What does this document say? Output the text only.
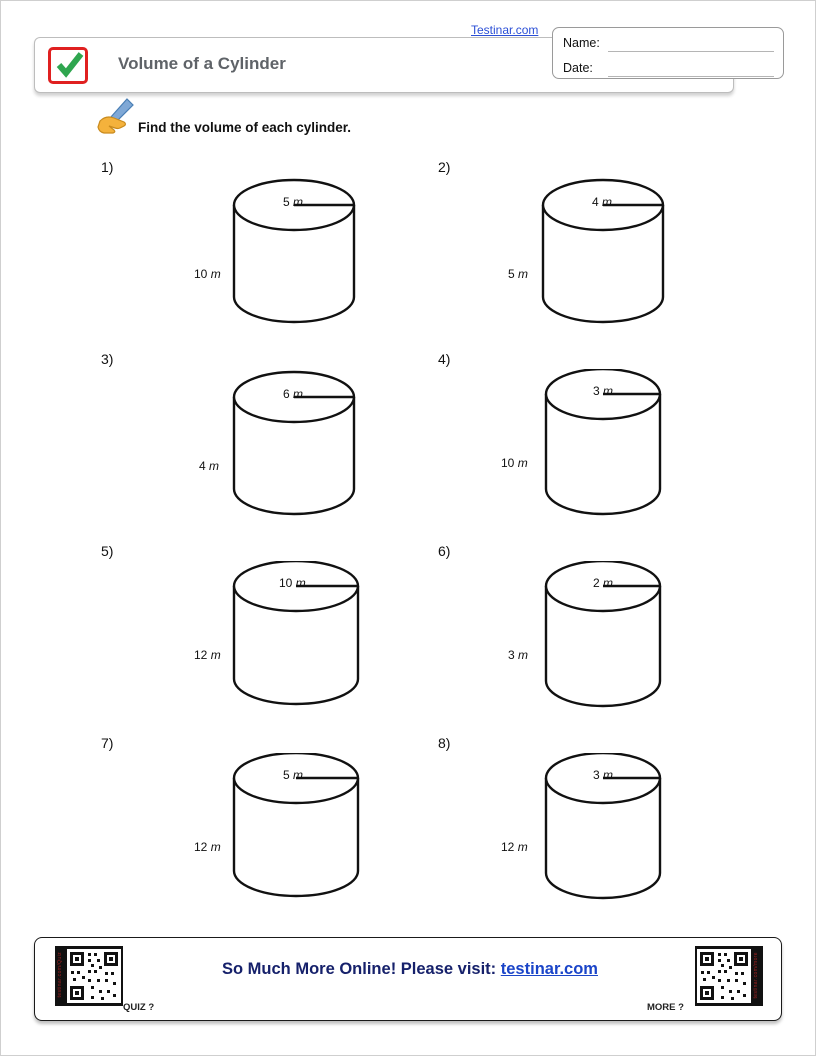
Testinar.com
Volume of a Cylinder
Name:
Date:
Find the volume of each cylinder.
1)
5 m
10 m
2)
4 m
5 m
3)
6 m
4 m
4)
3 m
10 m
5)
10 m
12 m
6)
2 m
3 m
7)
5 m
12 m
8)
3 m
12 m
testinar.com/Quiz	So Much More Online! Please visit: testinar.com
QUIZ ?	MORE ?
testinar.com/more
